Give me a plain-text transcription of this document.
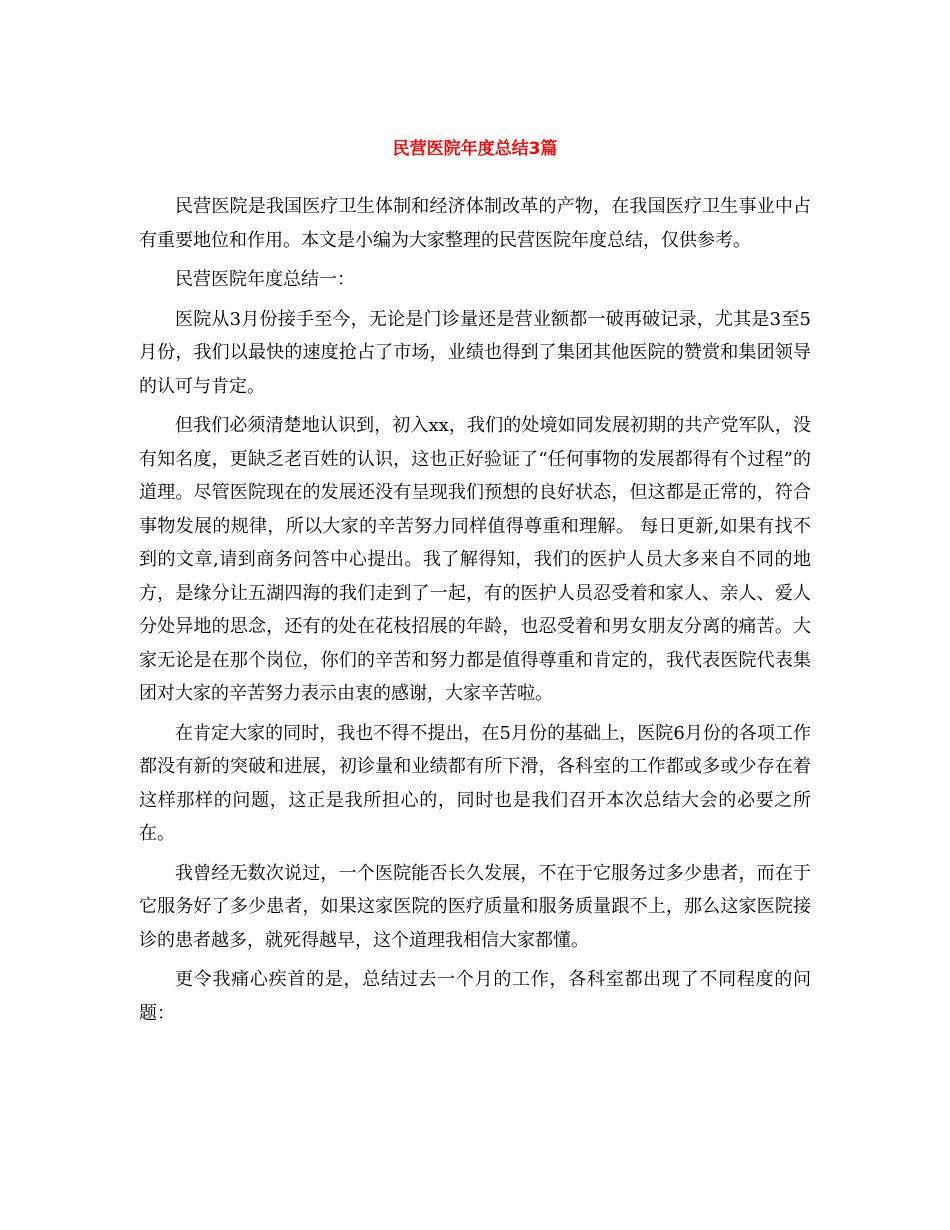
民营医院年度总结3篇

民营医院是我国医疗卫生体制和经济体制改革的产物，在我国医疗卫生事业中占有重要地位和作用。本文是小编为大家整理的民营医院年度总结，仅供参考。

民营医院年度总结一：

医院从3月份接手至今，无论是门诊量还是营业额都一破再破记录，尤其是3至5月份，我们以最快的速度抢占了市场，业绩也得到了集团其他医院的赞赏和集团领导的认可与肯定。

但我们必须清楚地认识到，初入xx，我们的处境如同发展初期的共产党军队，没有知名度，更缺乏老百姓的认识，这也正好验证了“任何事物的发展都得有个过程”的道理。尽管医院现在的发展还没有呈现我们预想的良好状态，但这都是正常的，符合事物发展的规律，所以大家的辛苦努力同样值得尊重和理解。 每日更新,如果有找不到的文章,请到商务问答中心提出。我了解得知，我们的医护人员大多来自不同的地方，是缘分让五湖四海的我们走到了一起，有的医护人员忍受着和家人、亲人、爱人分处异地的思念，还有的处在花枝招展的年龄，也忍受着和男女朋友分离的痛苦。大家无论是在那个岗位，你们的辛苦和努力都是值得尊重和肯定的，我代表医院代表集团对大家的辛苦努力表示由衷的感谢，大家辛苦啦。

在肯定大家的同时，我也不得不提出，在5月份的基础上，医院6月份的各项工作都没有新的突破和进展，初诊量和业绩都有所下滑，各科室的工作都或多或少存在着这样那样的问题，这正是我所担心的，同时也是我们召开本次总结大会的必要之所在。

我曾经无数次说过，一个医院能否长久发展，不在于它服务过多少患者，而在于它服务好了多少患者，如果这家医院的医疗质量和服务质量跟不上，那么这家医院接诊的患者越多，就死得越早，这个道理我相信大家都懂。

更令我痛心疾首的是，总结过去一个月的工作，各科室都出现了不同程度的问题：
